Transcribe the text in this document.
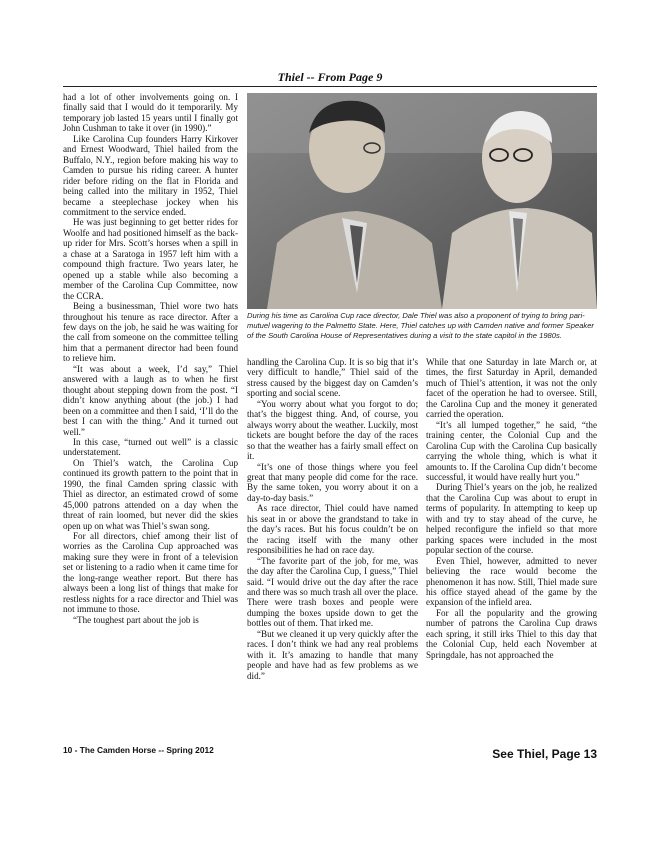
Thiel -- From Page 9

had a lot of other involvements going on. I finally said that I would do it temporarily. My temporary job lasted 15 years until I finally got John Cushman to take it over (in 1990).”

Like Carolina Cup founders Harry Kirkover and Ernest Woodward, Thiel hailed from the Buffalo, N.Y., region before making his way to Camden to pursue his riding career. A hunter rider before riding on the flat in Florida and being called into the military in 1952, Thiel became a steeplechase jockey when his commitment to the service ended.

He was just beginning to get better rides for Woolfe and had positioned himself as the back-up rider for Mrs. Scott’s horses when a spill in a chase at a Saratoga in 1957 left him with a compound thigh fracture. Two years later, he opened up a stable while also becoming a member of the Carolina Cup Committee, now the CCRA.

Being a businessman, Thiel wore two hats throughout his tenure as race director. After a few days on the job, he said he was waiting for the call from someone on the committee telling him that a permanent director had been found to relieve him.

“It was about a week, I’d say,” Thiel answered with a laugh as to when he first thought about stepping down from the post. “I didn’t know anything about (the job.) I had been on a committee and then I said, ‘I’ll do the best I can with the thing.’ And it turned out well.”

In this case, “turned out well” is a classic understatement.

On Thiel’s watch, the Carolina Cup continued its growth pattern to the point that in 1990, the final Camden spring classic with Thiel as director, an estimated crowd of some 45,000 patrons attended on a day when the threat of rain loomed, but never did the skies open up on what was Thiel’s swan song.

For all directors, chief among their list of worries as the Carolina Cup approached was making sure they were in front of a television set or listening to a radio when it came time for the long-range weather report. But there has always been a long list of things that make for restless nights for a race director and Thiel was not immune to those.

“The toughest part about the job is

During his time as Carolina Cup race director, Dale Thiel was also a proponent of trying to bring pari-mutuel wagering to the Palmetto State. Here, Thiel catches up with Camden native and former Speaker of the South Carolina House of Representatives during a visit to the state capitol in the 1980s.

handling the Carolina Cup. It is so big that it’s very difficult to handle,” Thiel said of the stress caused by the biggest day on Camden’s sporting and social scene.

“You worry about what you forgot to do; that’s the biggest thing. And, of course, you always worry about the weather. Luckily, most tickets are bought before the day of the races so that the weather has a fairly small effect on it.

“It’s one of those things where you feel great that many people did come for the race. By the same token, you worry about it on a day-to-day basis.”

As race director, Thiel could have named his seat in or above the grandstand to take in the day’s races. But his focus couldn’t be on the racing itself with the many other responsibilities he had on race day.

“The favorite part of the job, for me, was the day after the Carolina Cup, I guess,” Thiel said. “I would drive out the day after the race and there was so much trash all over the place. There were trash boxes and people were dumping the boxes upside down to get the bottles out of them. That irked me.

“But we cleaned it up very quickly after the races. I don’t think we had any real problems with it. It’s amazing to handle that many people and have had as few problems as we did.”

While that one Saturday in late March or, at times, the first Saturday in April, demanded much of Thiel’s attention, it was not the only facet of the operation he had to oversee. Still, the Carolina Cup and the money it generated carried the operation.

“It’s all lumped together,” he said, “the training center, the Colonial Cup and the Carolina Cup with the Carolina Cup basically carrying the whole thing, which is what it amounts to. If the Carolina Cup didn’t become successful, it would have really hurt you.”

During Thiel’s years on the job, he realized that the Carolina Cup was about to erupt in terms of popularity. In attempting to keep up with and try to stay ahead of the curve, he helped reconfigure the infield so that more parking spaces were included in the most popular section of the course.

Even Thiel, however, admitted to never believing the race would become the phenomenon it has now. Still, Thiel made sure his office stayed ahead of the game by the expansion of the infield area.

For all the popularity and the growing number of patrons the Carolina Cup draws each spring, it still irks Thiel to this day that the Colonial Cup, held each November at Springdale, has not approached the

See Thiel, Page 13
10 - The Camden Horse -- Spring 2012
